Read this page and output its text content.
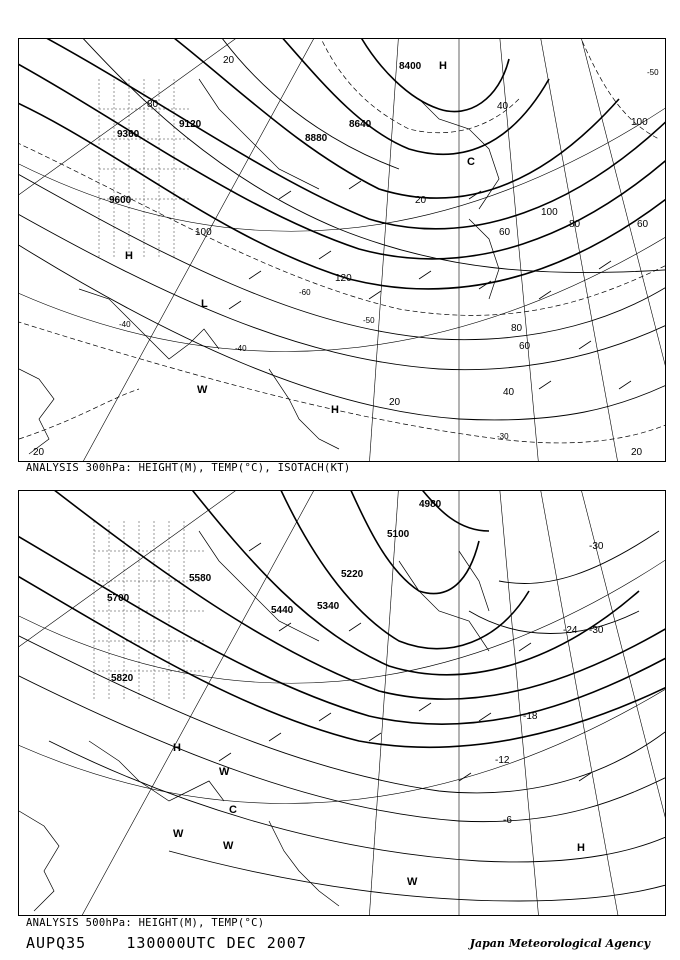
9120
9360
9600
8880
8640
8400
80
20
100
120
60
40
20
20
100
100
80
60
80	60
40
20
20
-40
-60
-50
-30
-50
-40
H
W
H
L
C
H
ANALYSIS 300hPa: HEIGHT(M), TEMP(°C), ISOTACH(KT)
5700
5580
5820
5440 5340
5220
5100
4980
-30
-24
-18
-12
-6
-30
H
C
W
W
W
H
W
ANALYSIS 500hPa: HEIGHT(M), TEMP(°C)
AUPQ35	130000UTC DEC 2007	Japan Meteorological Agency
